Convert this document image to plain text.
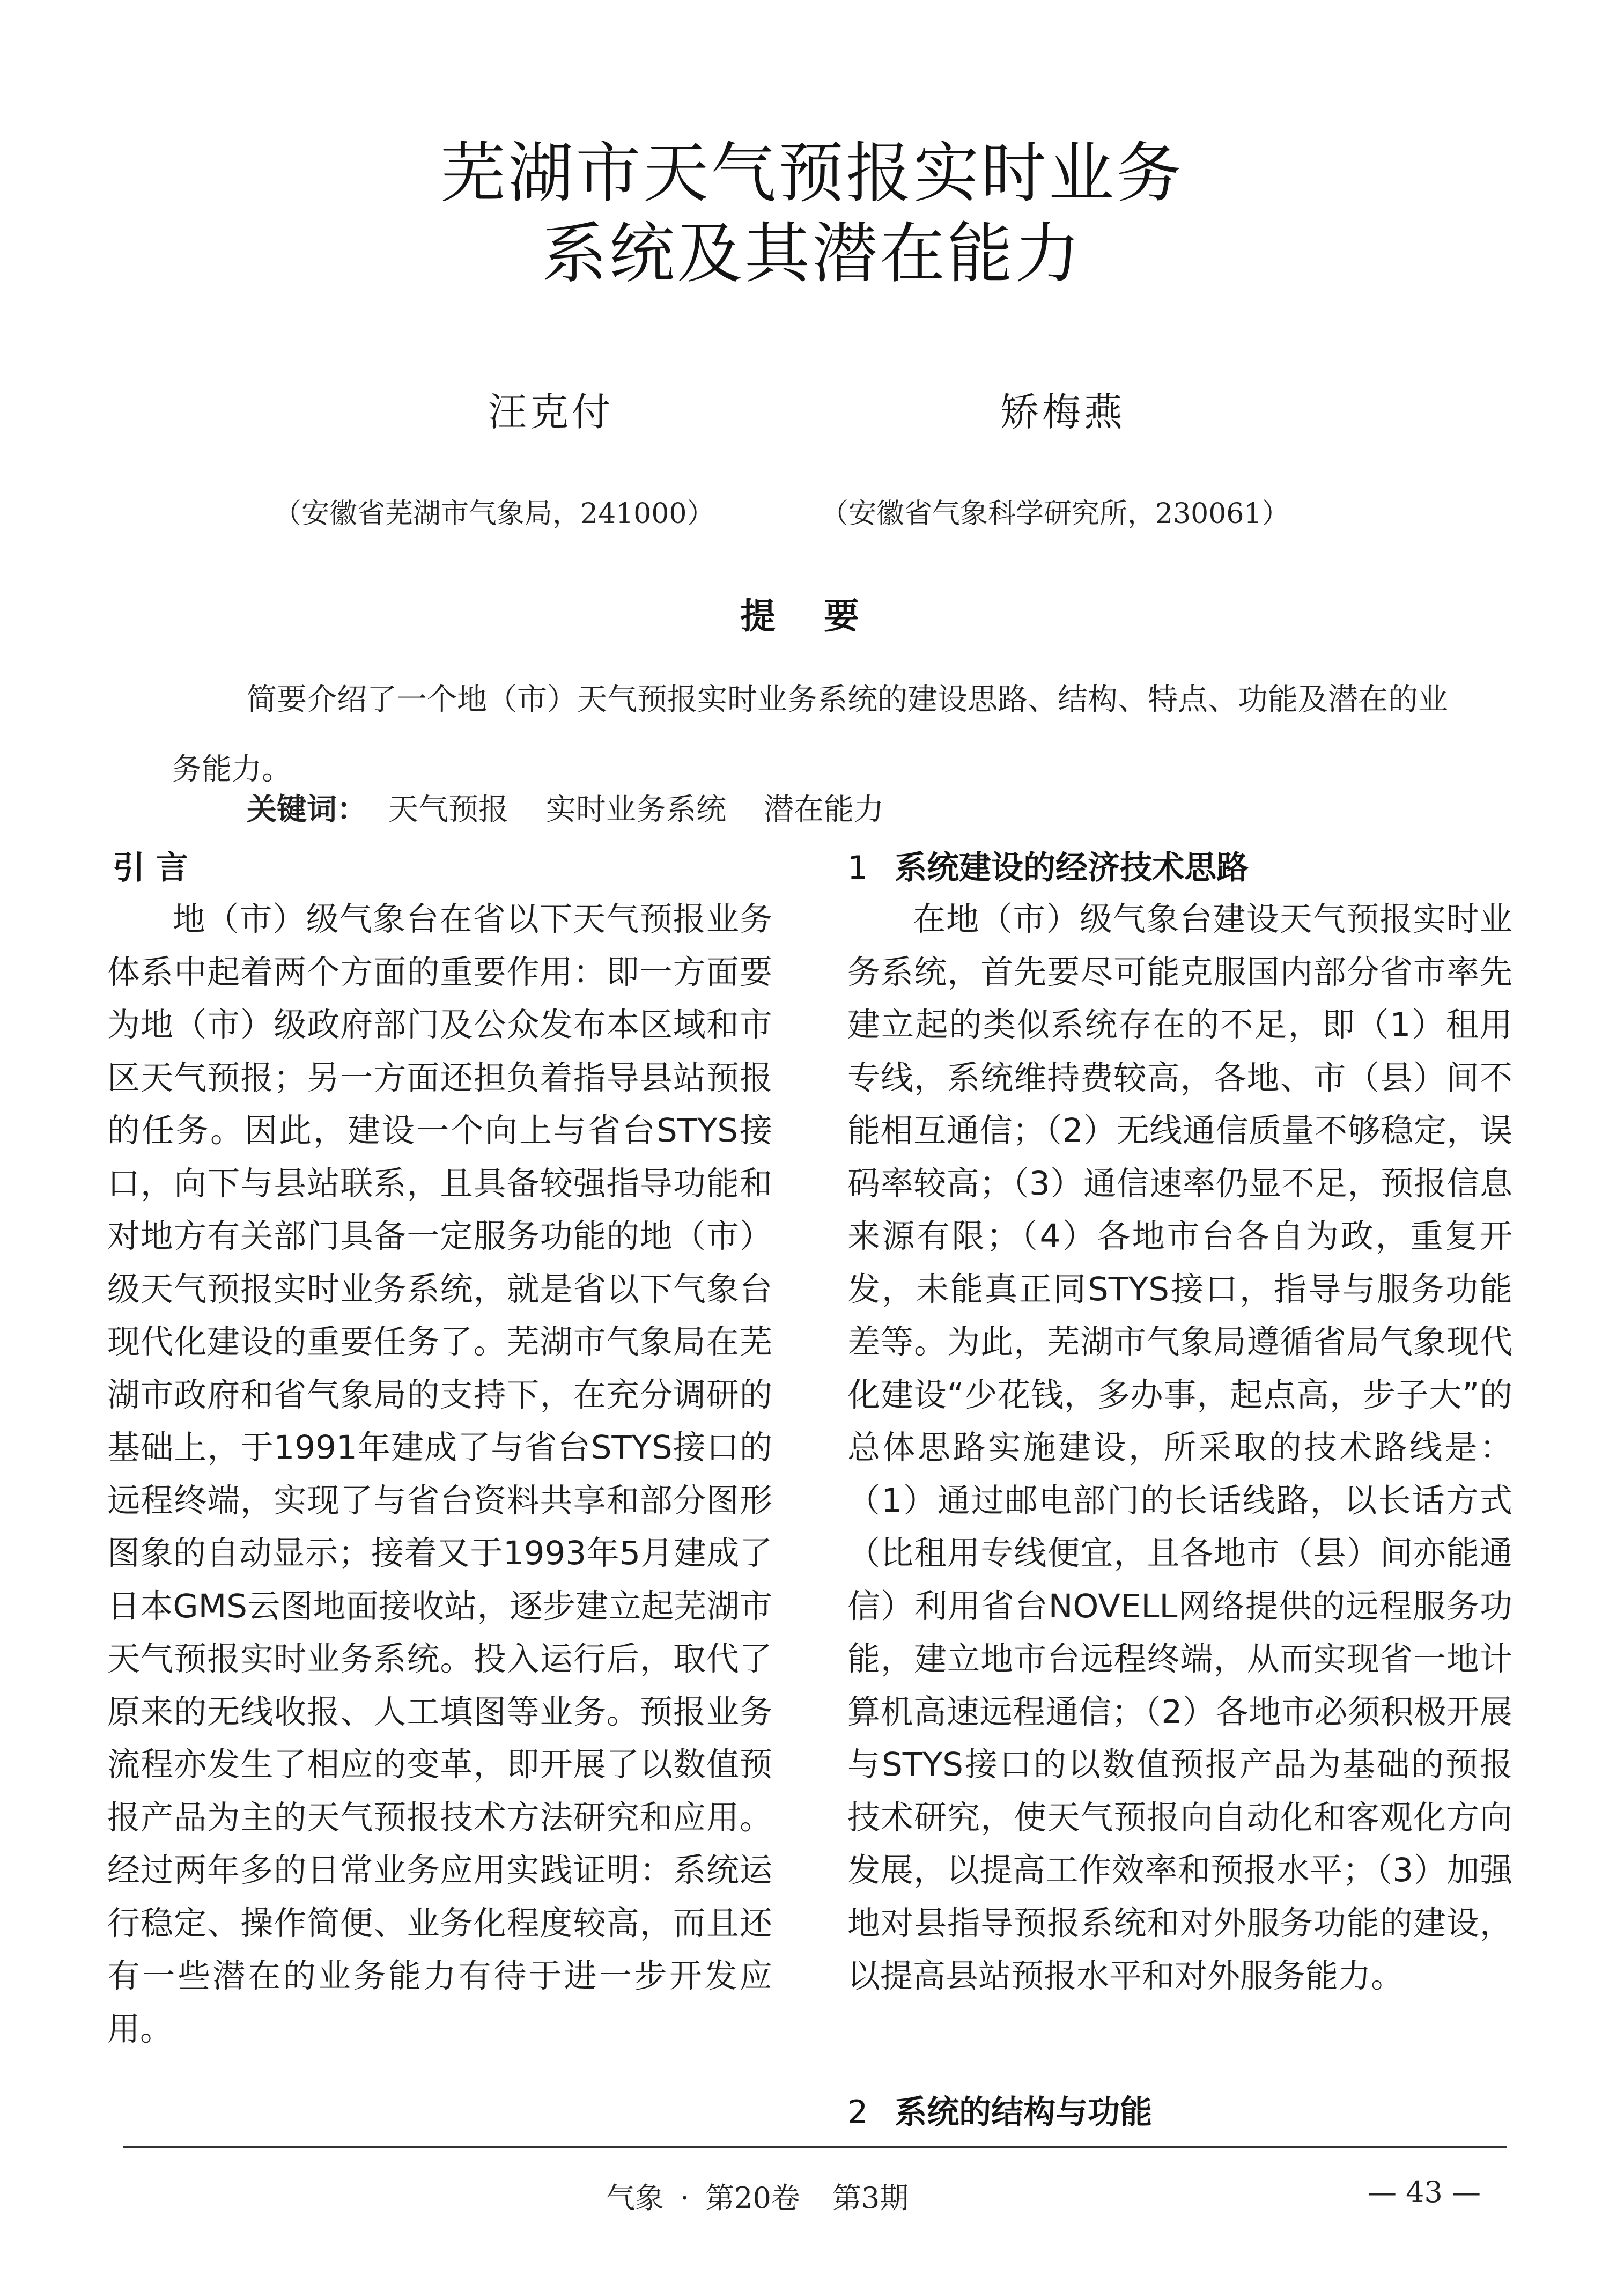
芜湖市天气预报实时业务
系统及其潜在能力
汪克付	矫梅燕
（安徽省芜湖市气象局，241000）	（安徽省气象科学研究所，230061）
提要
简要介绍了一个地（市）天气预报实时业务系统的建设思路、结构、特点、功能及潜在的业务能力。
关键词： 天气预报 实时业务系统 潜在能力
引 言
地（市）级气象台在省以下天气预报业务体系中起着两个方面的重要作用：即一方面要为地（市）级政府部门及公众发布本区域和市区天气预报；另一方面还担负着指导县站预报的任务。因此，建设一个向上与省台STYS接口，向下与县站联系，且具备较强指导功能和对地方有关部门具备一定服务功能的地（市）级天气预报实时业务系统，就是省以下气象台现代化建设的重要任务了。芜湖市气象局在芜湖市政府和省气象局的支持下，在充分调研的基础上，于1991年建成了与省台STYS接口的远程终端，实现了与省台资料共享和部分图形图象的自动显示；接着又于1993年5月建成了日本GMS云图地面接收站，逐步建立起芜湖市天气预报实时业务系统。投入运行后，取代了原来的无线收报、人工填图等业务。预报业务流程亦发生了相应的变革，即开展了以数值预报产品为主的天气预报技术方法研究和应用。经过两年多的日常业务应用实践证明：系统运行稳定、操作简便、业务化程度较高，而且还有一些潜在的业务能力有待于进一步开发应用。
1 系统建设的经济技术思路
在地（市）级气象台建设天气预报实时业务系统，首先要尽可能克服国内部分省市率先建立起的类似系统存在的不足，即（1）租用专线，系统维持费较高，各地、市（县）间不能相互通信；（2）无线通信质量不够稳定，误码率较高；（3）通信速率仍显不足，预报信息来源有限；（4）各地市台各自为政，重复开发，未能真正同STYS接口，指导与服务功能差等。为此，芜湖市气象局遵循省局气象现代化建设“少花钱，多办事，起点高，步子大”的总体思路实施建设，所采取的技术路线是：（1）通过邮电部门的长话线路，以长话方式（比租用专线便宜，且各地市（县）间亦能通信）利用省台NOVELL网络提供的远程服务功能，建立地市台远程终端，从而实现省一地计算机高速远程通信；（2）各地市必须积极开展与STYS接口的以数值预报产品为基础的预报技术研究，使天气预报向自动化和客观化方向发展，以提高工作效率和预报水平；（3）加强地对县指导预报系统和对外服务功能的建设，以提高县站预报水平和对外服务能力。
2 系统的结构与功能
气象 · 第20卷 第3期	— 43 —
